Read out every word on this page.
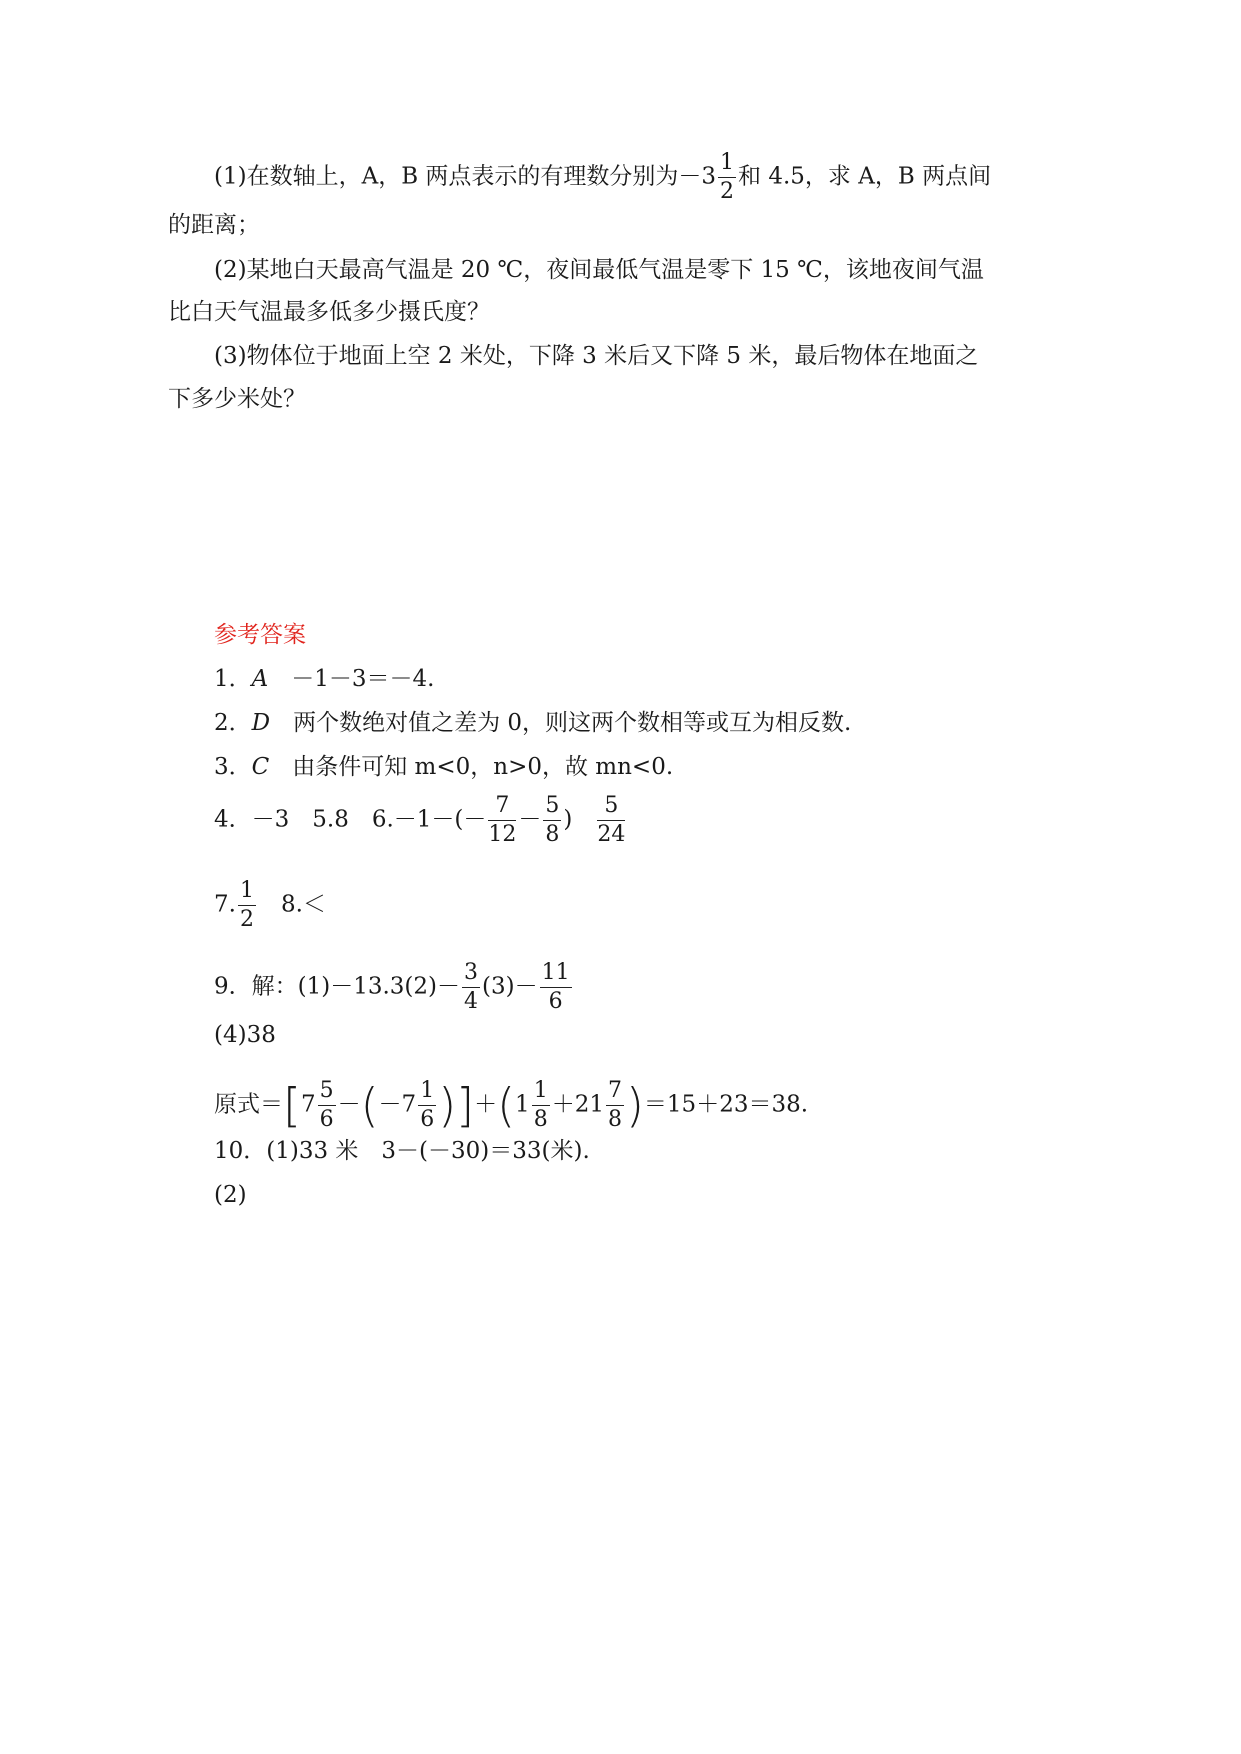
(1)在数轴上，A，B 两点表示的有理数分别为$-3 \frac{1}{2}$ 和 4.5，求 A，B 两点间
的距离；
(2)某地白天最高气温是 20 ℃，夜间最低气温是零下 15 ℃，该地夜间气温
比白天气温最多低多少摄氏度？
(3)物体位于地面上空 2 米处，下降 3 米后又下降 5 米，最后物体在地面之
下多少米处？
参考答案
1．A　 －1－3＝－4.
2．D　 两个数绝对值之差为 0，则这两个数相等或互为相反数.
3．C　 由条件可知 m<0，n>0，故 mn<0.
4．－3　5.8　$6.-1-(- \frac{7}{12} - \frac{5}{8}$ )　 $\frac{5}{24}$
7. $\frac{1}{2}$ 　8.＜
9．解：$(1)-13.3(2)- \frac{3}{4} (3)- \frac{11}{6}$
(4)38
原式$=[7 \frac{5}{6} -(-7 \frac{1}{6} )]+(1 \frac{1}{8} +21 \frac{7}{8} )=15+23=38$.
10．(1)33 米　3－(－30)＝33(米).
(2)
